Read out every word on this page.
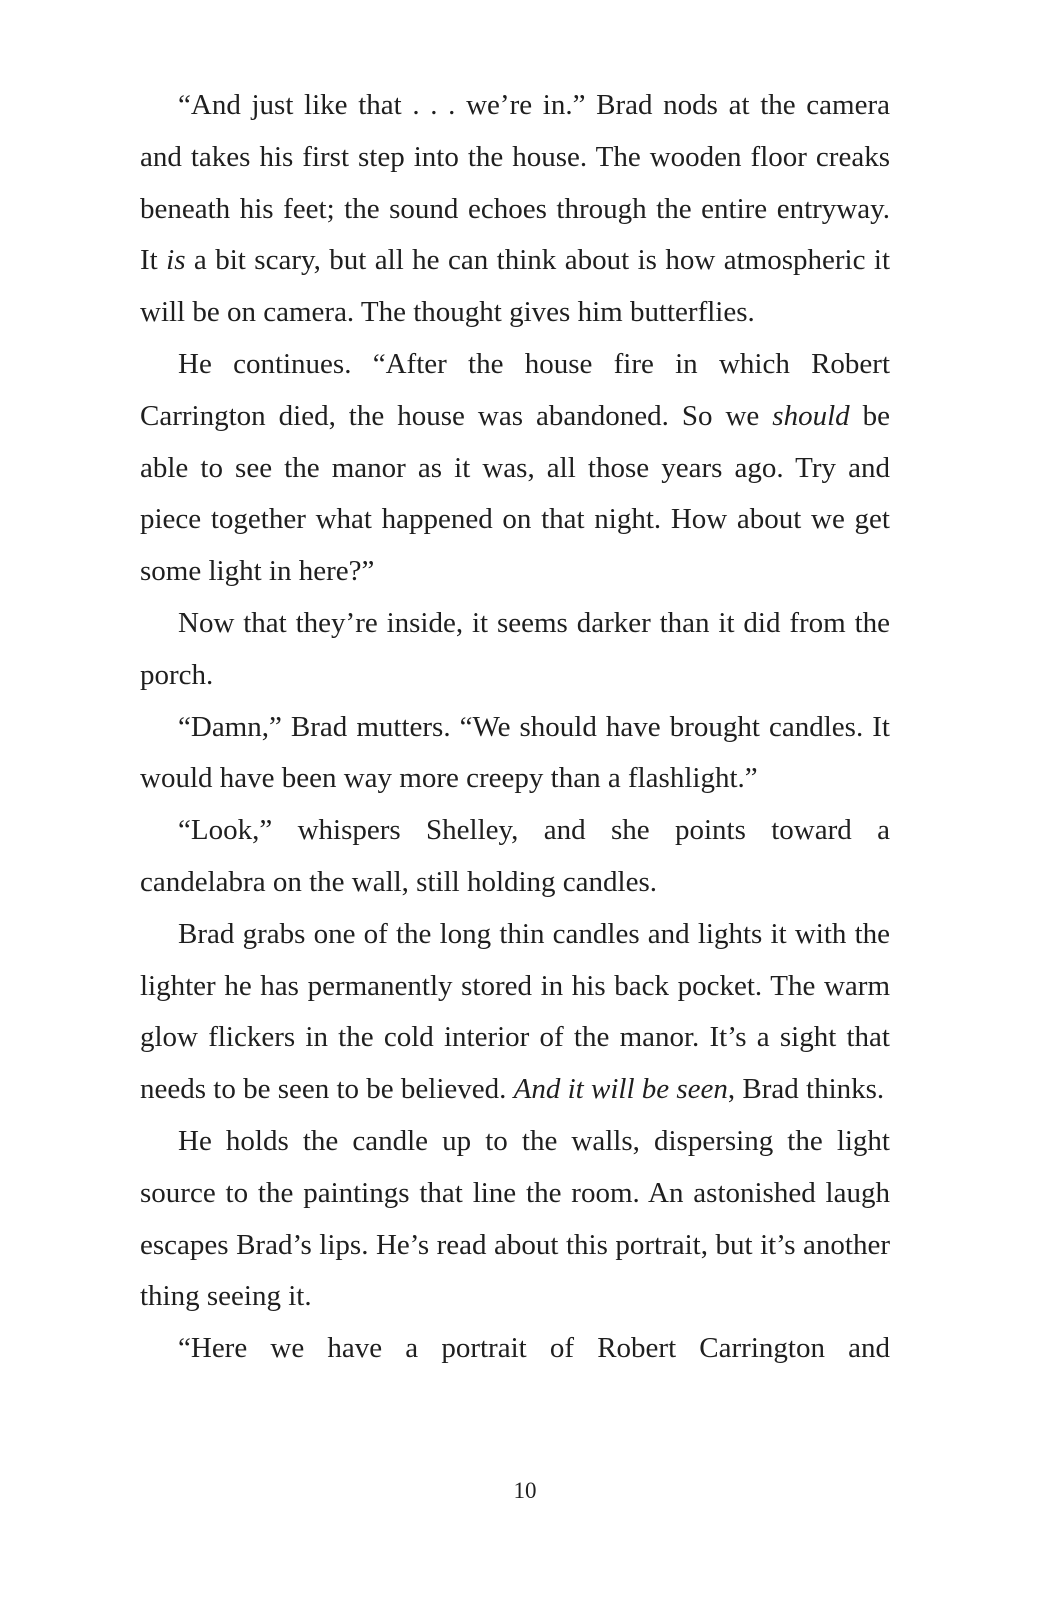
“And just like that . . . we’re in.” Brad nods at the camera and takes his first step into the house. The wooden floor creaks beneath his feet; the sound echoes through the entire entryway. It is a bit scary, but all he can think about is how atmospheric it will be on camera. The thought gives him butterflies.

He continues. “After the house fire in which Robert Carrington died, the house was abandoned. So we should be able to see the manor as it was, all those years ago. Try and piece together what happened on that night. How about we get some light in here?”

Now that they’re inside, it seems darker than it did from the porch.

“Damn,” Brad mutters. “We should have brought candles. It would have been way more creepy than a flashlight.”

“Look,” whispers Shelley, and she points toward a candelabra on the wall, still holding candles.

Brad grabs one of the long thin candles and lights it with the lighter he has permanently stored in his back pocket. The warm glow flickers in the cold interior of the manor. It’s a sight that needs to be seen to be believed. And it will be seen, Brad thinks.

He holds the candle up to the walls, dispersing the light source to the paintings that line the room. An astonished laugh escapes Brad’s lips. He’s read about this portrait, but it’s another thing seeing it.

“Here we have a portrait of Robert Carrington and

10
